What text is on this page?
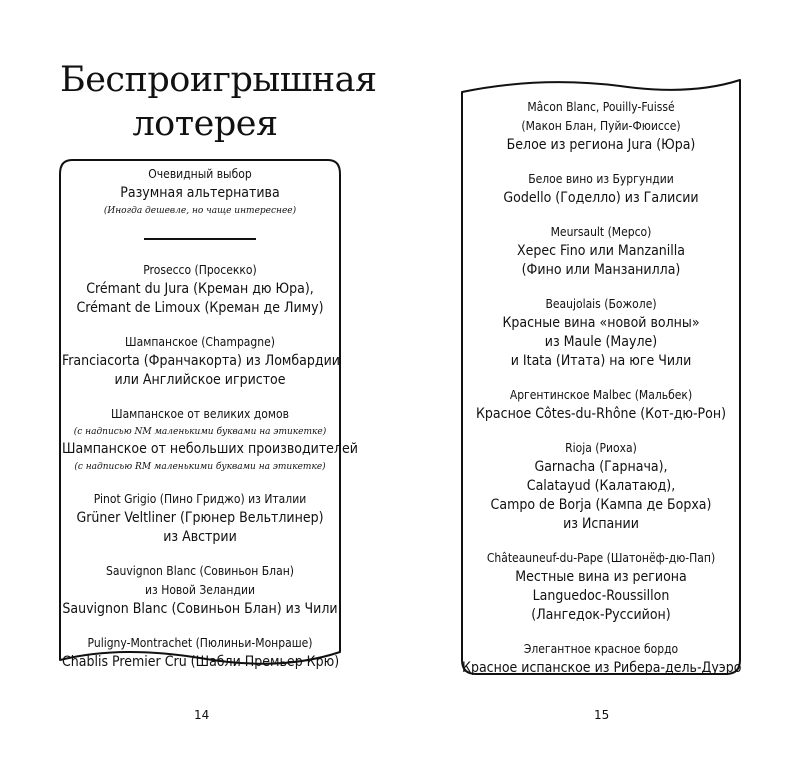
Беспроигрышная
лотерея
Очевидный выбор
Разумная альтернатива
(Иногда дешевле, но чаще интереснее)
Prosecco (Просекко)
Crémant du Jura (Креман дю Юра),
Crémant de Limoux (Креман де Лиму)
Шампанское (Champagne)
Franciacorta (Франчакорта) из Ломбардии
или Английское игристое
Шампанское от великих домов
(с надписью NM маленькими буквами на этикетке)
Шампанское от небольших производителей
(с надписью RM маленькими буквами на этикетке)
Pinot Grigio (Пино Гриджо) из Италии
Grüner Veltliner (Грюнер Вельтлинер)
из Австрии
Sauvignon Blanc (Совиньон Блан)
из Новой Зеландии
Sauvignon Blanc (Совиньон Блан) из Чили
Puligny-Montrachet (Пюлиньи-Монраше)
Chablis Premier Cru (Шабли Премьер Крю)
14
Mâcon Blanc, Pouilly-Fuissé
(Макон Блан, Пуйи-Фюиссе)
Белое из региона Jura (Юра)
Белое вино из Бургундии
Godello (Годелло) из Галисии
Meursault (Мерсо)
Херес Fino или Manzanilla
(Фино или Манзанилла)
Beaujolais (Божоле)
Красные вина «новой волны»
из Maule (Мауле)
и Itata (Итата) на юге Чили
Аргентинское Malbec (Мальбек)
Красное Côtes-du-Rhône (Кот-дю-Рон)
Rioja (Риоха)
Garnacha (Гарнача),
Calatayud (Калатаюд),
Campo de Borja (Кампа де Борха)
из Испании
Châteauneuf-du-Pape (Шатонёф-дю-Пап)
Местные вина из региона
Languedoc-Roussillon
(Лангедок-Руссийон)
Элегантное красное бордо
Красное испанское из Рибера-дель-Дуэро
15
